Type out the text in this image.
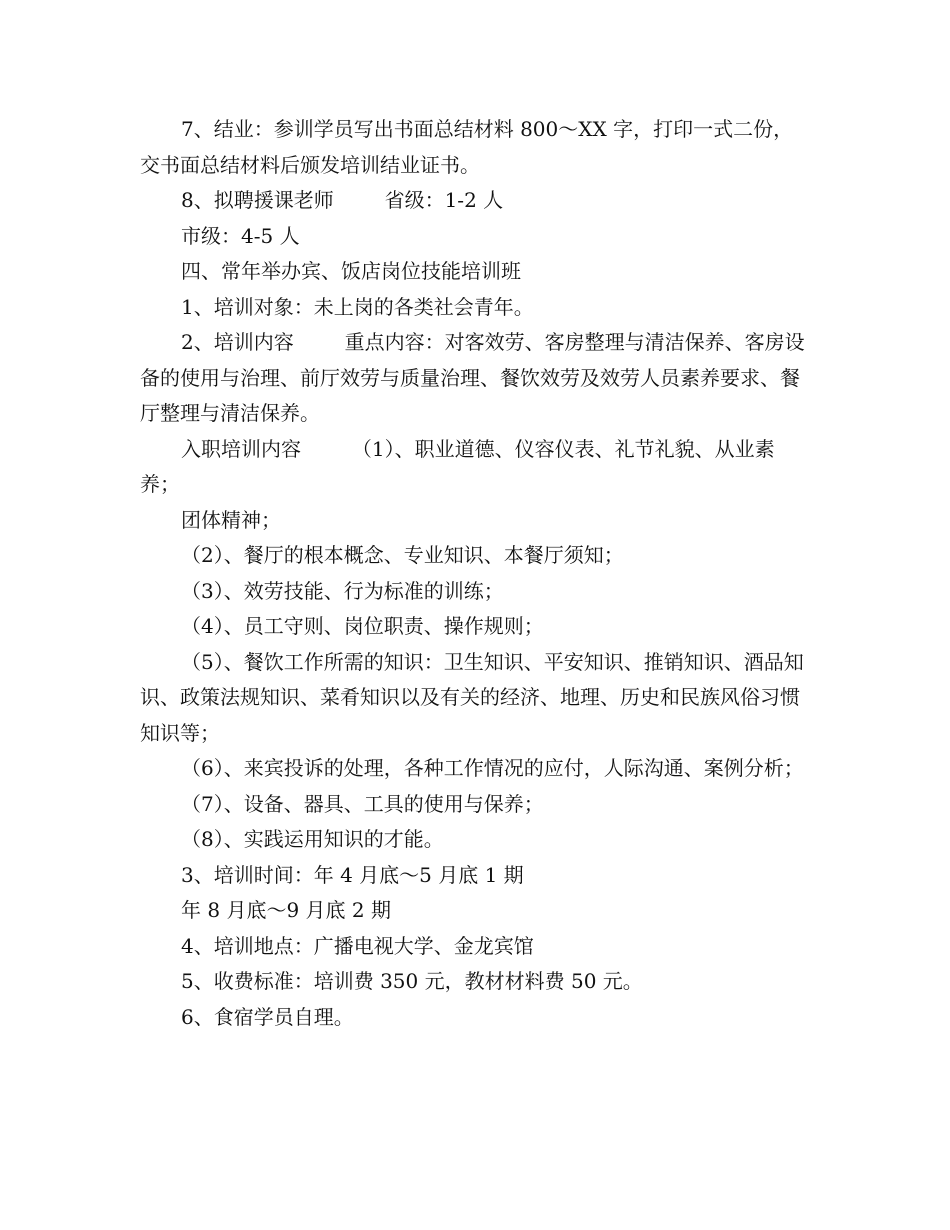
7、结业：参训学员写出书面总结材料 800～XX 字，打印一式二份，交书面总结材料后颁发培训结业证书。

8、拟聘援课老师        省级：1-2 人

市级：4-5 人

四、常年举办宾、饭店岗位技能培训班

1、培训对象：未上岗的各类社会青年。

2、培训内容        重点内容：对客效劳、客房整理与清洁保养、客房设备的使用与治理、前厅效劳与质量治理、餐饮效劳及效劳人员素养要求、餐厅整理与清洁保养。

入职培训内容        （1）、职业道德、仪容仪表、礼节礼貌、从业素养；

团体精神；

（2）、餐厅的根本概念、专业知识、本餐厅须知；

（3）、效劳技能、行为标准的训练；

（4）、员工守则、岗位职责、操作规则；

（5）、餐饮工作所需的知识：卫生知识、平安知识、推销知识、酒品知识、政策法规知识、菜肴知识以及有关的经济、地理、历史和民族风俗习惯知识等；

（6）、来宾投诉的处理，各种工作情况的应付，人际沟通、案例分析；

（7）、设备、器具、工具的使用与保养；

（8）、实践运用知识的才能。

3、培训时间：年 4 月底～5 月底 1 期

年 8 月底～9 月底 2 期

4、培训地点：广播电视大学、金龙宾馆

5、收费标准：培训费 350 元，教材材料费 50 元。

6、食宿学员自理。
